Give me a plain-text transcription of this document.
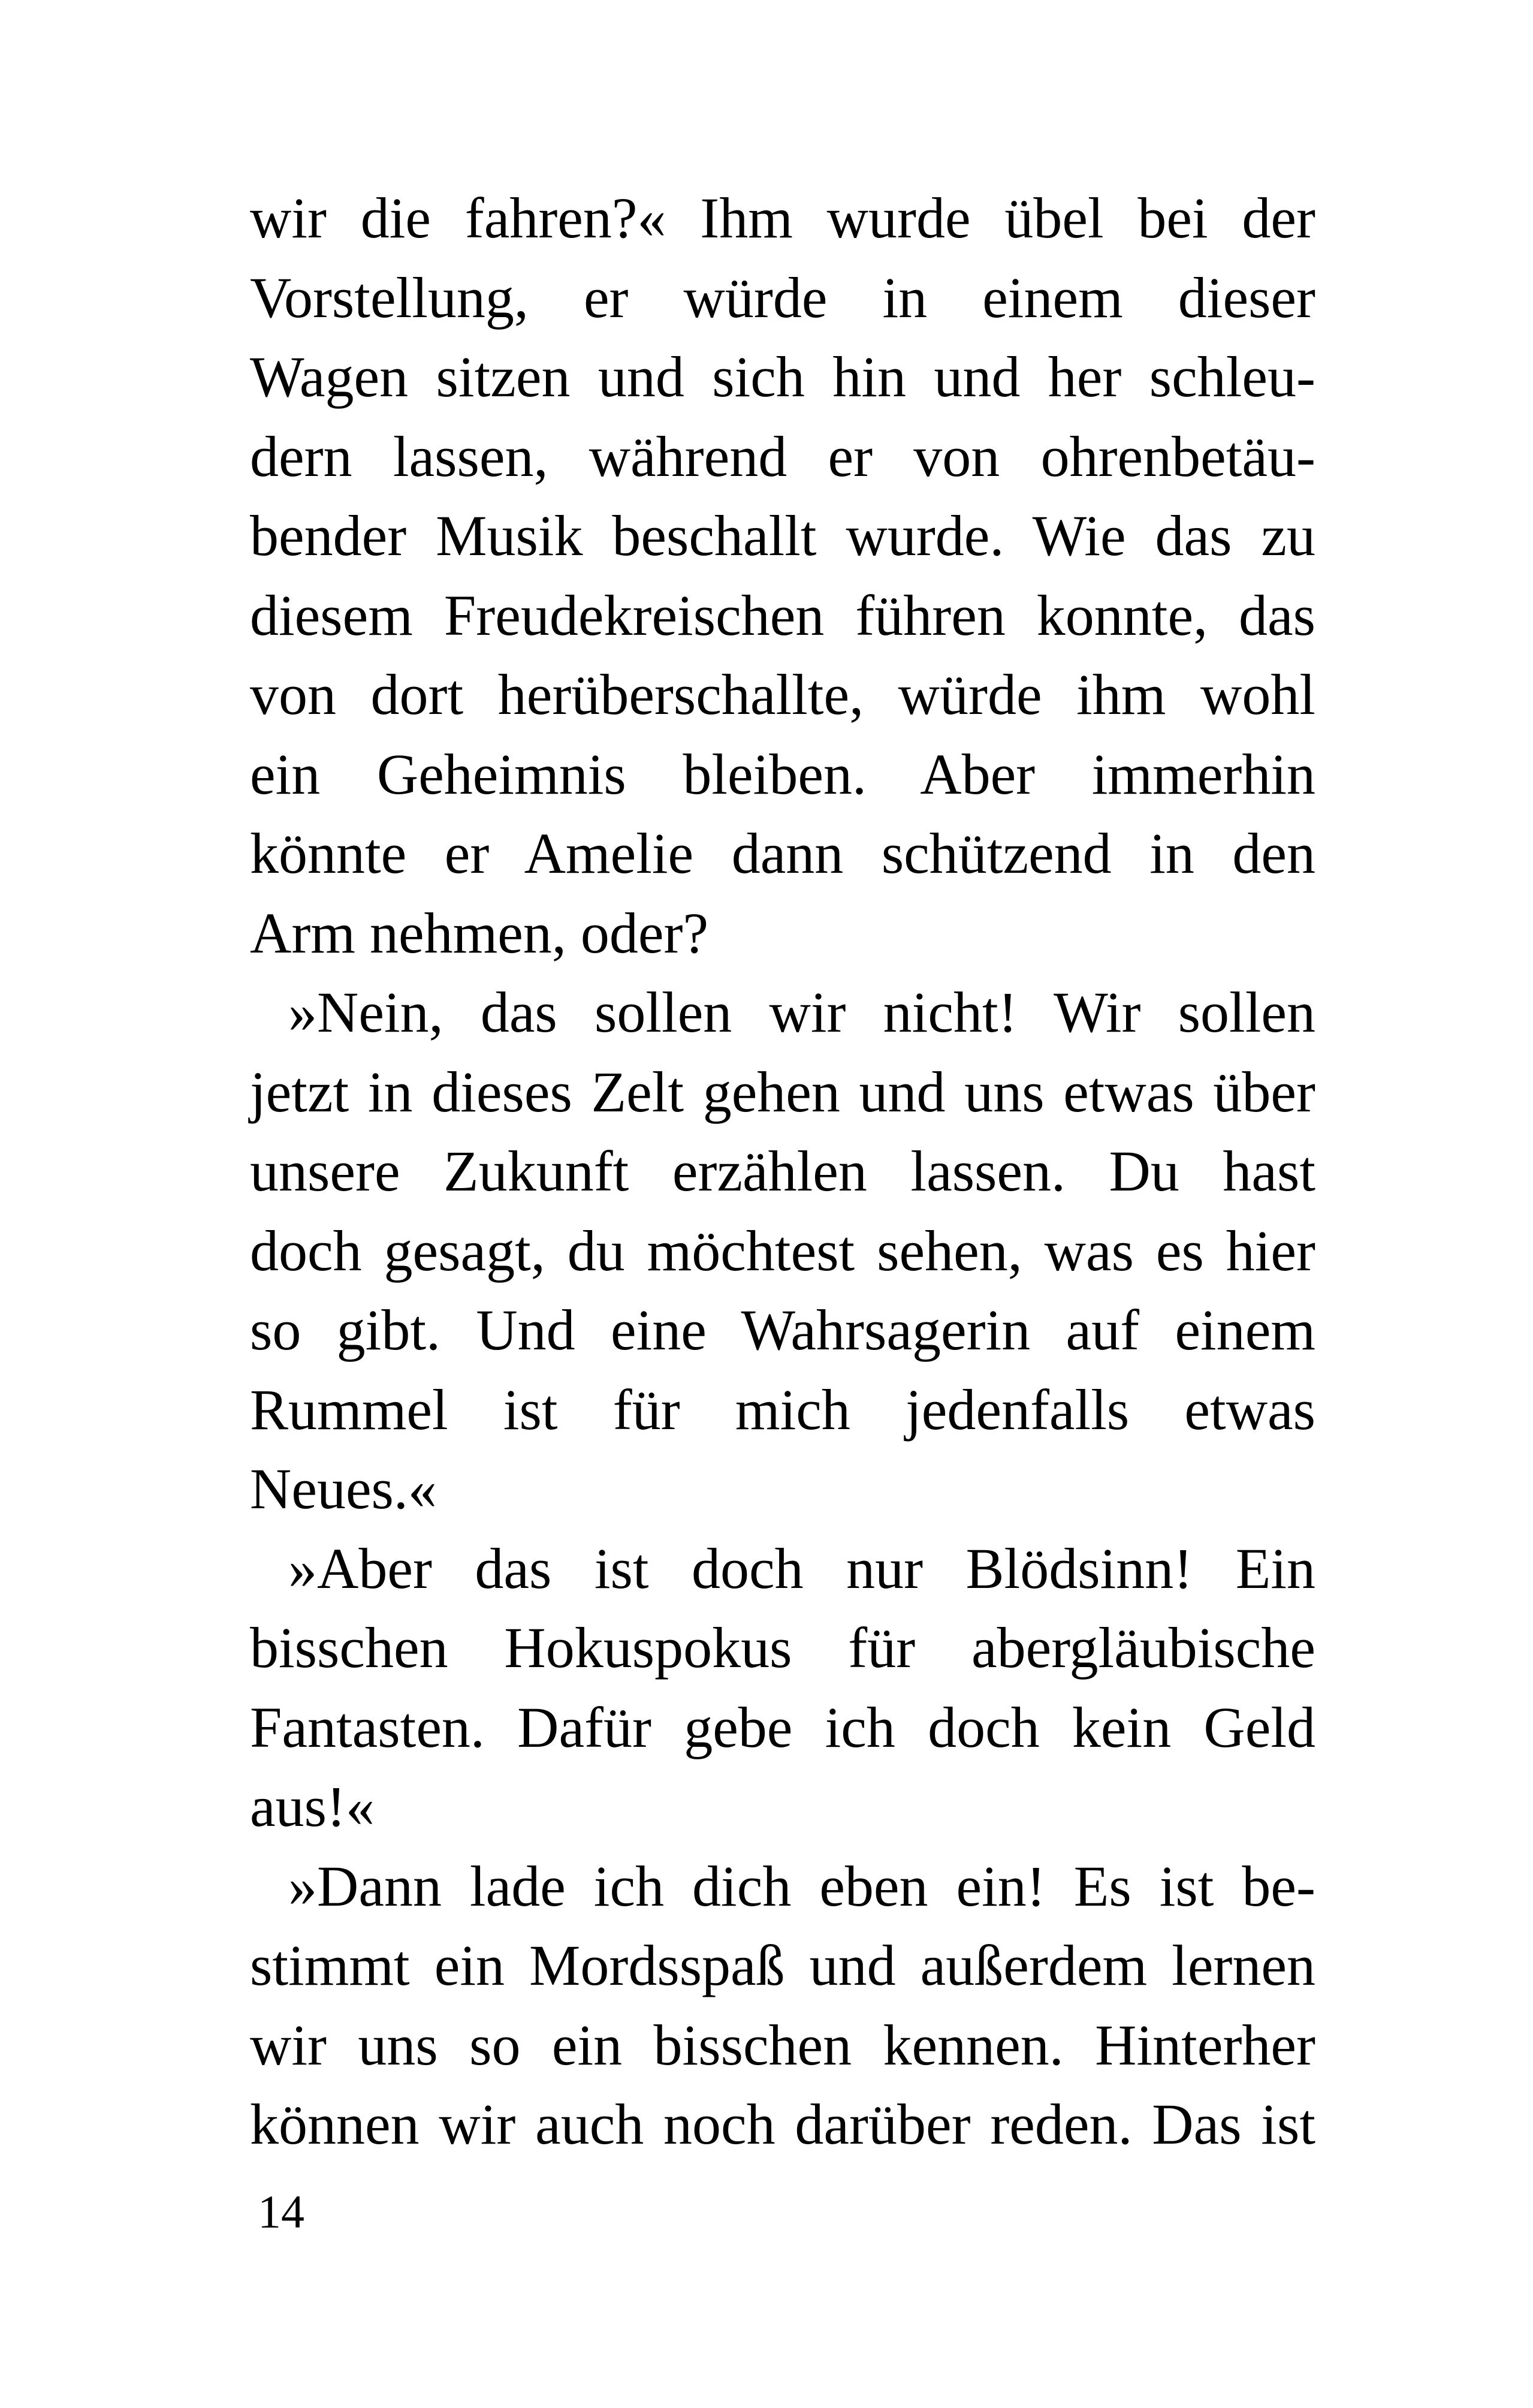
wir die fahren?« Ihm wurde übel bei der
Vorstellung, er würde in einem dieser
Wagen sitzen und sich hin und her schleu-
dern lassen, während er von ohrenbetäu-
bender Musik beschallt wurde. Wie das zu
diesem Freudekreischen führen konnte, das
von dort herüberschallte, würde ihm wohl
ein Geheimnis bleiben. Aber immerhin
könnte er Amelie dann schützend in den
Arm nehmen, oder?
»Nein, das sollen wir nicht! Wir sollen
jetzt in dieses Zelt gehen und uns etwas über
unsere Zukunft erzählen lassen. Du hast
doch gesagt, du möchtest sehen, was es hier
so gibt. Und eine Wahrsagerin auf einem
Rummel ist für mich jedenfalls etwas
Neues.«
»Aber das ist doch nur Blödsinn! Ein
bisschen Hokuspokus für abergläubische
Fantasten. Dafür gebe ich doch kein Geld
aus!«
»Dann lade ich dich eben ein! Es ist be-
stimmt ein Mordsspaß und außerdem lernen
wir uns so ein bisschen kennen. Hinterher
können wir auch noch darüber reden. Das ist
14
